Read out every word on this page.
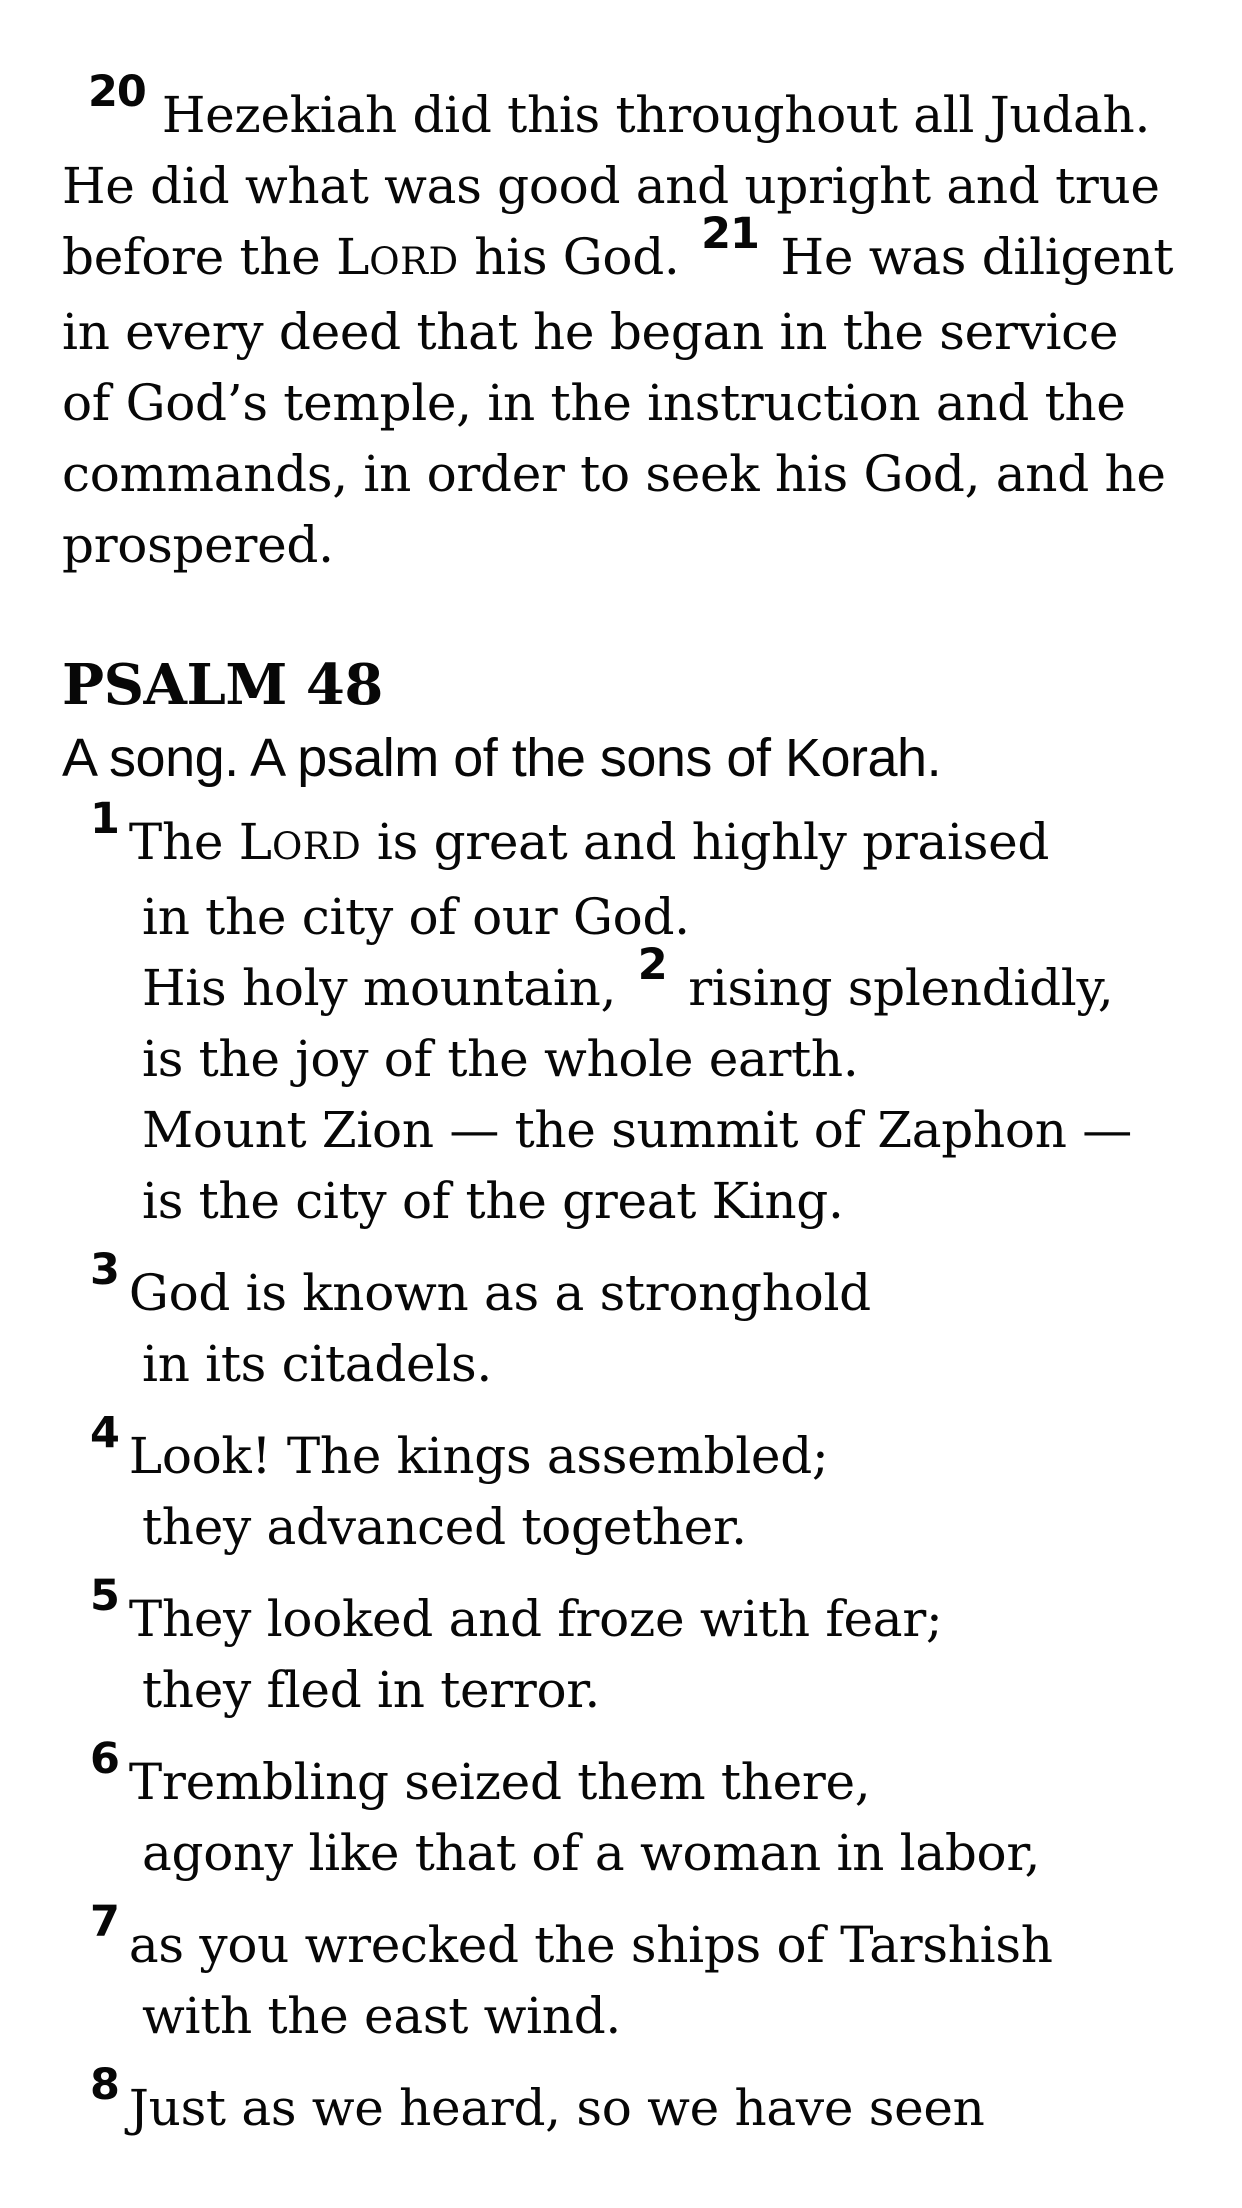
20 Hezekiah did this throughout all Judah.
He did what was good and upright and true
before the LORD his God. 21 He was diligent
in every deed that he began in the service
of God’s temple, in the instruction and the
commands, in order to seek his God, and he
prospered.
PSALM 48
A song. A psalm of the sons of Korah.
1 The LORD is great and highly praised
in the city of our God.
His holy mountain, 2 rising splendidly,
is the joy of the whole earth.
Mount Zion — the summit of Zaphon —
is the city of the great King.
3 God is known as a stronghold
in its citadels.
4 Look! The kings assembled;
they advanced together.
5 They looked and froze with fear;
they fled in terror.
6 Trembling seized them there,
agony like that of a woman in labor,
7 as you wrecked the ships of Tarshish
with the east wind.
8 Just as we heard, so we have seen
